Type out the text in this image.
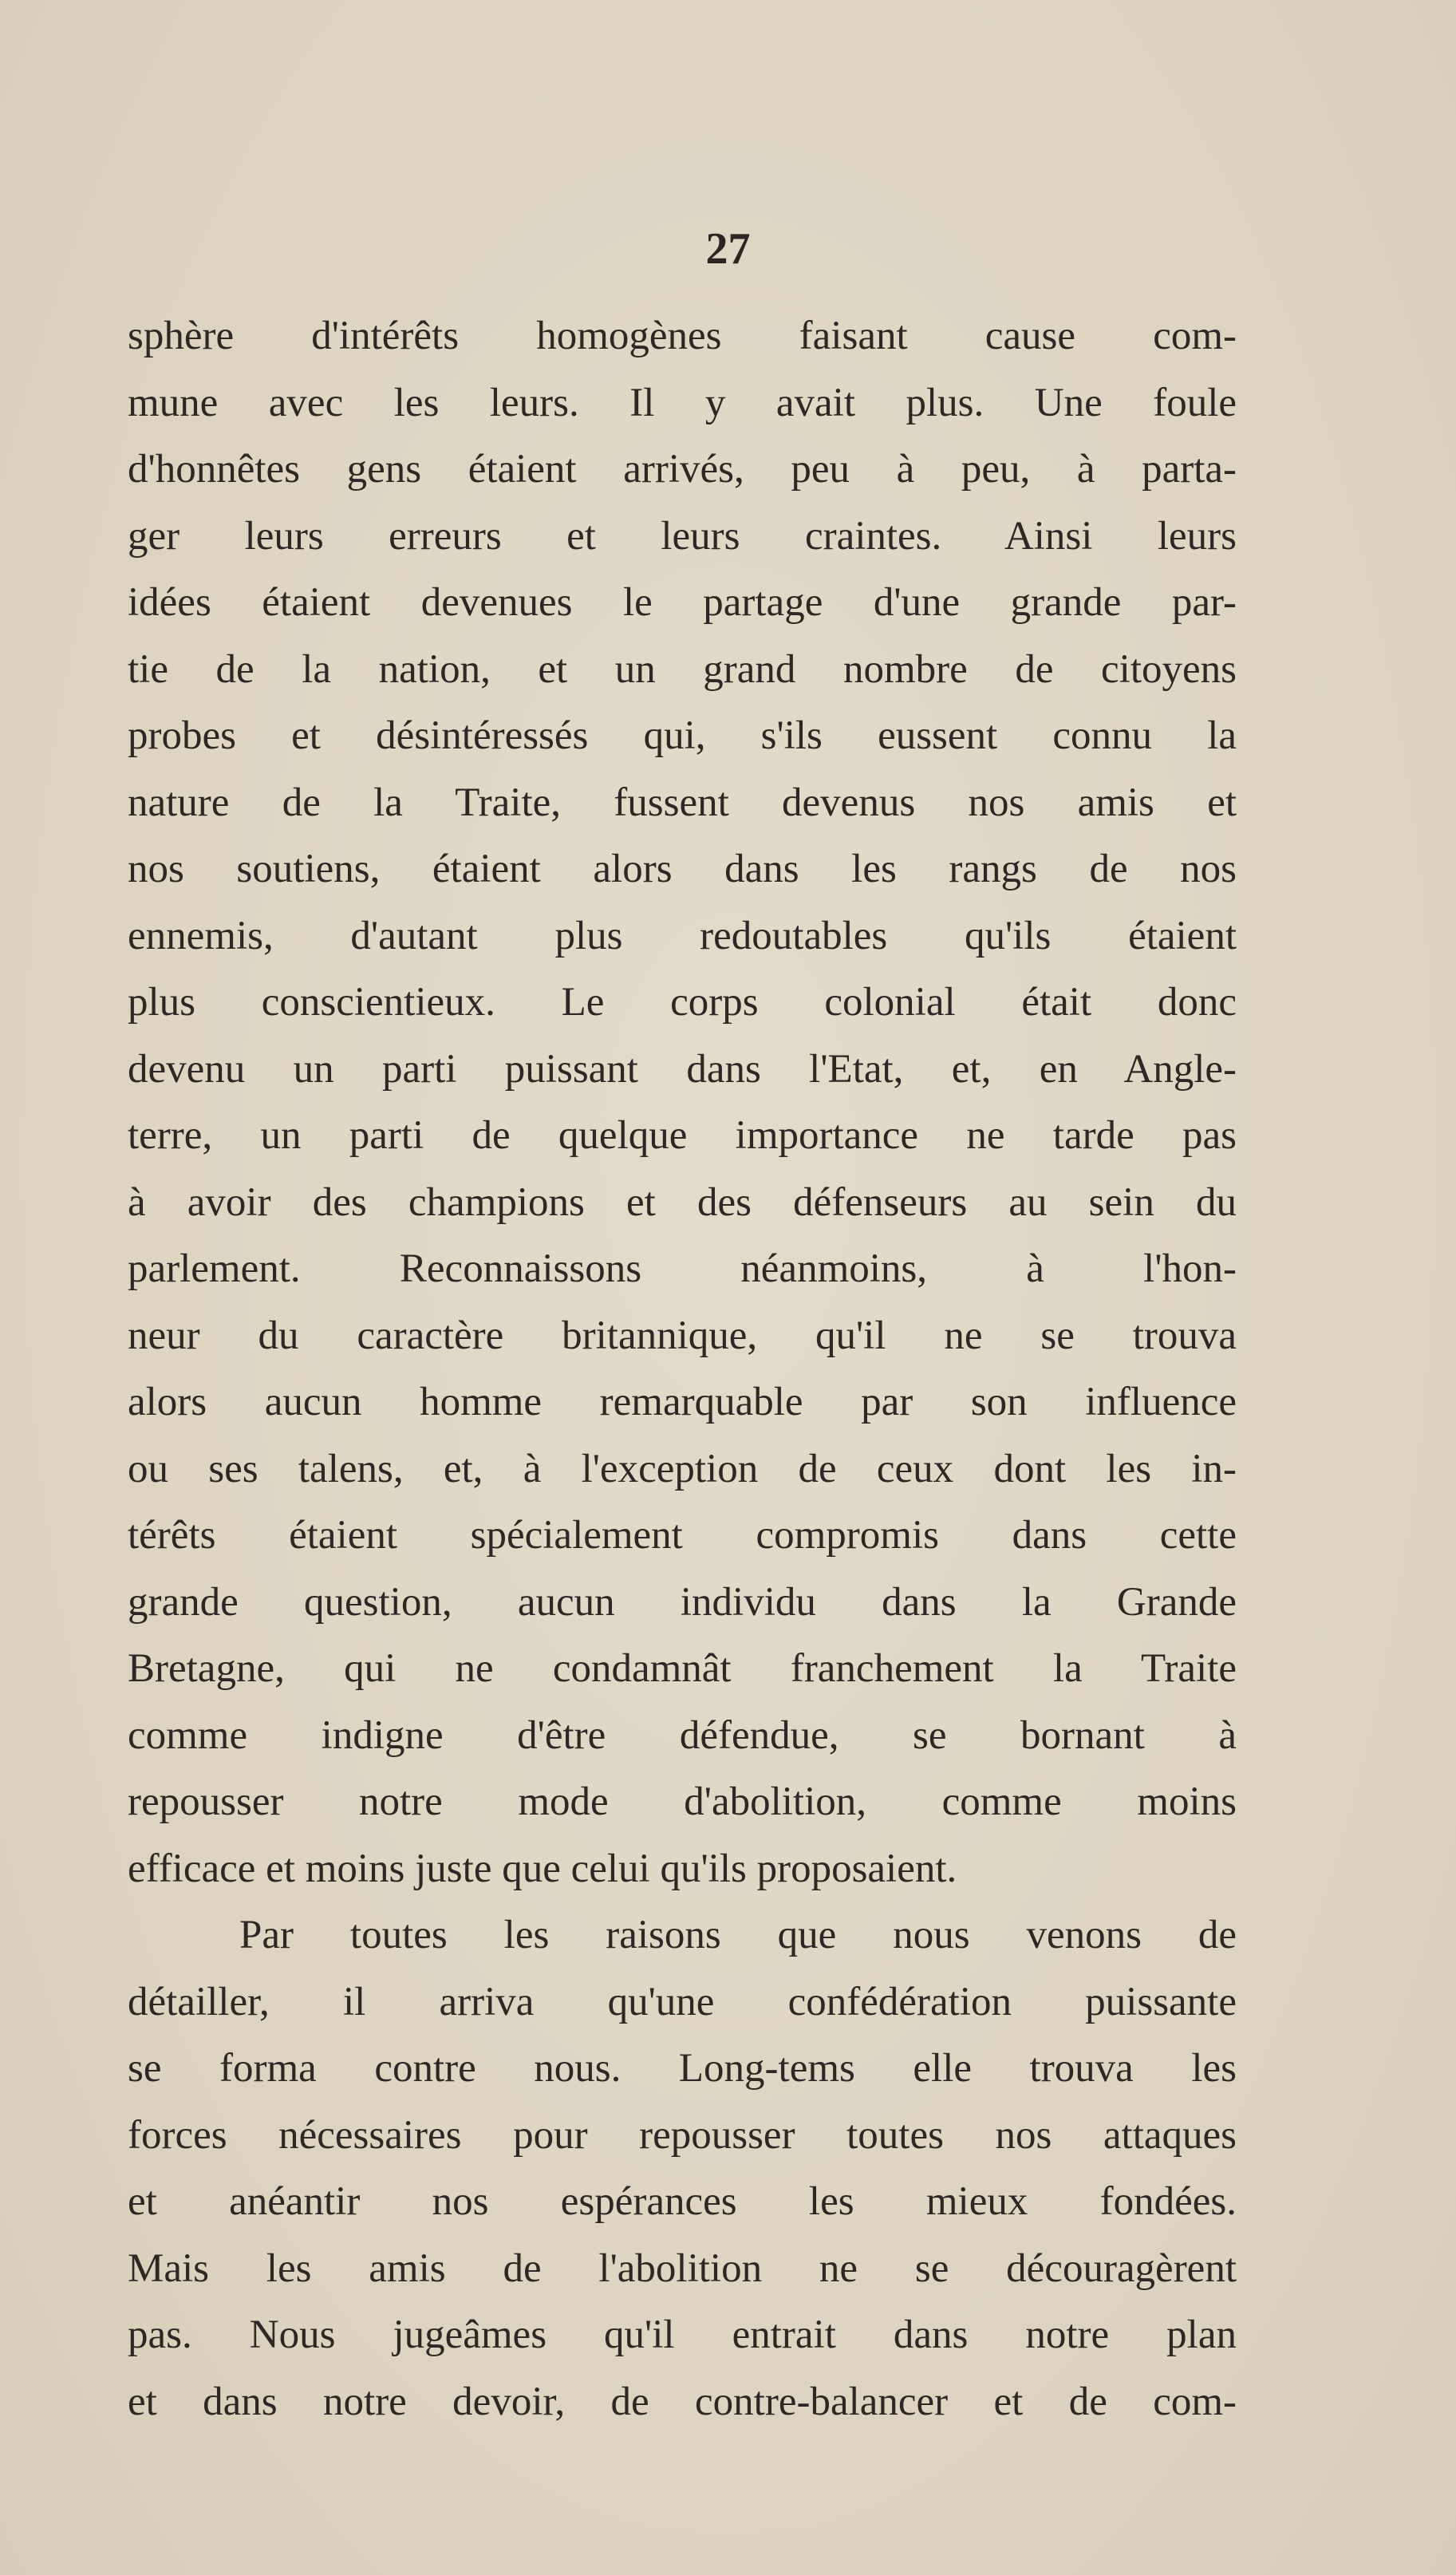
27
sphère d'intérêts homogènes faisant cause com-
mune avec les leurs. Il y avait plus. Une foule
d'honnêtes gens étaient arrivés, peu à peu, à parta-
ger leurs erreurs et leurs craintes. Ainsi leurs
idées étaient devenues le partage d'une grande par-
tie de la nation, et un grand nombre de citoyens
probes et désintéressés qui, s'ils eussent connu la
nature de la Traite, fussent devenus nos amis et
nos soutiens, étaient alors dans les rangs de nos
ennemis, d'autant plus redoutables qu'ils étaient
plus conscientieux. Le corps colonial était donc
devenu un parti puissant dans l'Etat, et, en Angle-
terre, un parti de quelque importance ne tarde pas
à avoir des champions et des défenseurs au sein du
parlement. Reconnaissons néanmoins, à l'hon-
neur du caractère britannique, qu'il ne se trouva
alors aucun homme remarquable par son influence
ou ses talens, et, à l'exception de ceux dont les in-
térêts étaient spécialement compromis dans cette
grande question, aucun individu dans la Grande
Bretagne, qui ne condamnât franchement la Traite
comme indigne d'être défendue, se bornant à
repousser notre mode d'abolition, comme moins
efficace et moins juste que celui qu'ils proposaient.
Par toutes les raisons que nous venons de
détailler, il arriva qu'une confédération puissante
se forma contre nous. Long-tems elle trouva les
forces nécessaires pour repousser toutes nos attaques
et anéantir nos espérances les mieux fondées.
Mais les amis de l'abolition ne se découragèrent
pas. Nous jugeâmes qu'il entrait dans notre plan
et dans notre devoir, de contre-balancer et de com-
